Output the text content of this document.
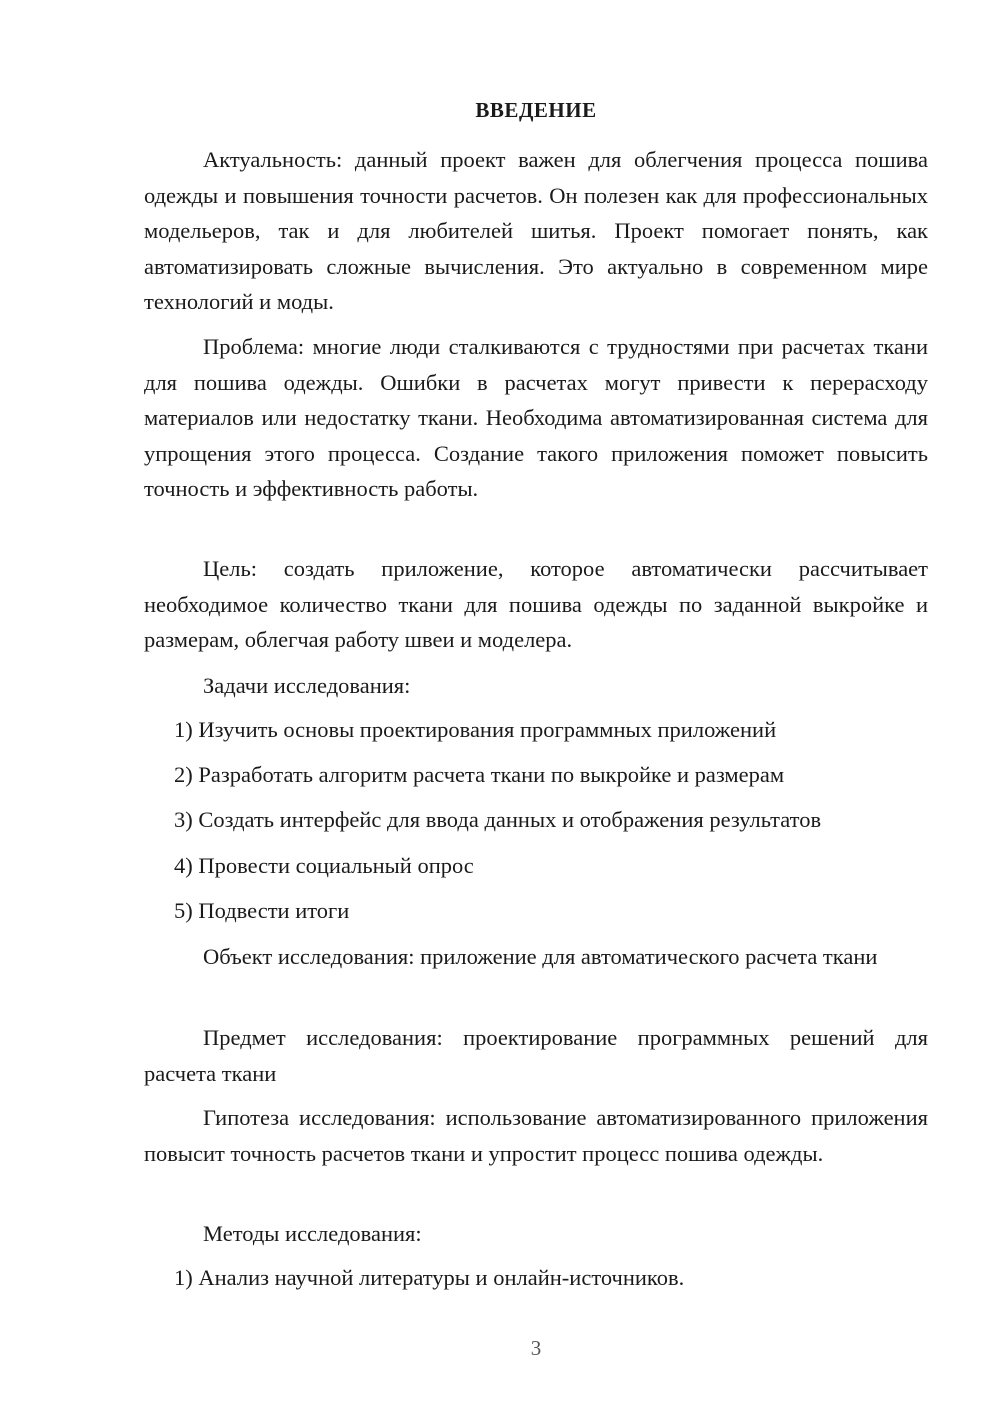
ВВЕДЕНИЕ

Актуальность: данный проект важен для облегчения процесса пошива одежды и повышения точности расчетов. Он полезен как для профессиональных модельеров, так и для любителей шитья. Проект помогает понять, как автоматизировать сложные вычисления. Это актуально в современном мире технологий и моды.

Проблема: многие люди сталкиваются с трудностями при расчетах ткани для пошива одежды. Ошибки в расчетах могут привести к перерасходу материалов или недостатку ткани. Необходима автоматизированная система для упрощения этого процесса. Создание такого приложения поможет повысить точность и эффективность работы.

Цель: создать приложение, которое автоматически рассчитывает необходимое количество ткани для пошива одежды по заданной выкройке и размерам, облегчая работу швеи и моделера.

Задачи исследования:

1) Изучить основы проектирования программных приложений

2) Разработать алгоритм расчета ткани по выкройке и размерам

3) Создать интерфейс для ввода данных и отображения результатов

4) Провести социальный опрос

5) Подвести итоги

Объект исследования: приложение для автоматического расчета ткани

Предмет исследования: проектирование программных решений для расчета ткани

Гипотеза исследования: использование автоматизированного приложения повысит точность расчетов ткани и упростит процесс пошива одежды.

Методы исследования:

1) Анализ научной литературы и онлайн-источников.

3
